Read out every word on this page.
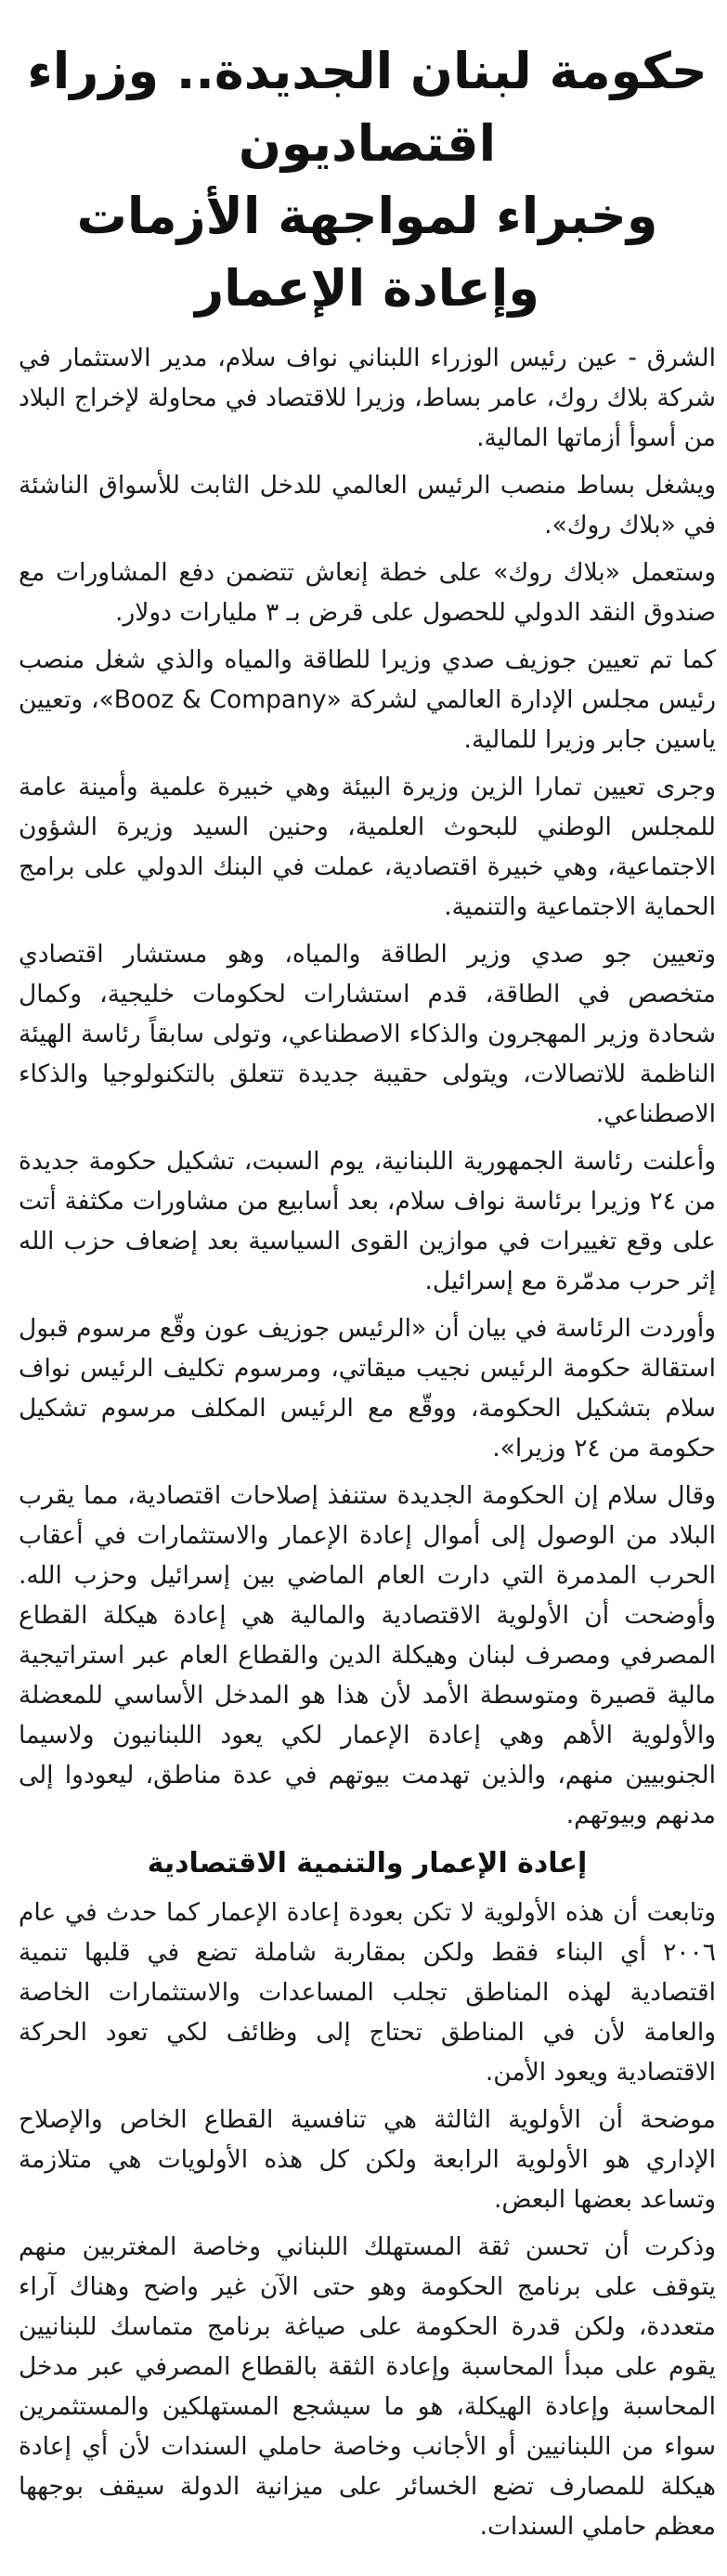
حكومة لبنان الجديدة.. وزراء اقتصاديون
وخبراء لمواجهة الأزمات وإعادة الإعمار

الشرق - عين رئيس الوزراء اللبناني نواف سلام، مدير الاستثمار في شركة بلاك روك، عامر بساط، وزيرا للاقتصاد في محاولة لإخراج البلاد من أسوأ أزماتها المالية.

ويشغل بساط منصب الرئيس العالمي للدخل الثابت للأسواق الناشئة في «بلاك روك».

وستعمل «بلاك روك» على خطة إنعاش تتضمن دفع المشاورات مع صندوق النقد الدولي للحصول على قرض بـ ٣ مليارات دولار.

كما تم تعيين جوزيف صدي وزيرا للطاقة والمياه والذي شغل منصب رئيس مجلس الإدارة العالمي لشركة «Booz & Company»، وتعيين ياسين جابر وزيرا للمالية.

وجرى تعيين تمارا الزين وزيرة البيئة وهي خبيرة علمية وأمينة عامة للمجلس الوطني للبحوث العلمية، وحنين السيد وزيرة الشؤون الاجتماعية، وهي خبيرة اقتصادية، عملت في البنك الدولي على برامج الحماية الاجتماعية والتنمية.

وتعيين جو صدي وزير الطاقة والمياه، وهو مستشار اقتصادي متخصص في الطاقة، قدم استشارات لحكومات خليجية، وكمال شحادة وزير المهجرون والذكاء الاصطناعي، وتولى سابقاً رئاسة الهيئة الناظمة للاتصالات، ويتولى حقيبة جديدة تتعلق بالتكنولوجيا والذكاء الاصطناعي.

وأعلنت رئاسة الجمهورية اللبنانية، يوم السبت، تشكيل حكومة جديدة من ٢٤ وزيرا برئاسة نواف سلام، بعد أسابيع من مشاورات مكثفة أتت على وقع تغييرات في موازين القوى السياسية بعد إضعاف حزب الله إثر حرب مدمّرة مع إسرائيل.

وأوردت الرئاسة في بيان أن «الرئيس جوزيف عون وقّع مرسوم قبول استقالة حكومة الرئيس نجيب ميقاتي، ومرسوم تكليف الرئيس نواف سلام بتشكيل الحكومة، ووقّع مع الرئيس المكلف مرسوم تشكيل حكومة من ٢٤ وزيرا».

وقال سلام إن الحكومة الجديدة ستنفذ إصلاحات اقتصادية، مما يقرب البلاد من الوصول إلى أموال إعادة الإعمار والاستثمارات في أعقاب الحرب المدمرة التي دارت العام الماضي بين إسرائيل وحزب الله. وأوضحت أن الأولوية الاقتصادية والمالية هي إعادة هيكلة القطاع المصرفي ومصرف لبنان وهيكلة الدين والقطاع العام عبر استراتيجية مالية قصيرة ومتوسطة الأمد لأن هذا هو المدخل الأساسي للمعضلة والأولوية الأهم وهي إعادة الإعمار لكي يعود اللبنانيون ولاسيما الجنوبيين منهم، والذين تهدمت بيوتهم في عدة مناطق، ليعودوا إلى مدنهم وبيوتهم.

إعادة الإعمار والتنمية الاقتصادية

وتابعت أن هذه الأولوية لا تكن بعودة إعادة الإعمار كما حدث في عام ٢٠٠٦ أي البناء فقط ولكن بمقاربة شاملة تضع في قلبها تنمية اقتصادية لهذه المناطق تجلب المساعدات والاستثمارات الخاصة والعامة لأن في المناطق تحتاج إلى وظائف لكي تعود الحركة الاقتصادية ويعود الأمن.

موضحة أن الأولوية الثالثة هي تنافسية القطاع الخاص والإصلاح الإداري هو الأولوية الرابعة ولكن كل هذه الأولويات هي متلازمة وتساعد بعضها البعض.

وذكرت أن تحسن ثقة المستهلك اللبناني وخاصة المغتربين منهم يتوقف على برنامج الحكومة وهو حتى الآن غير واضح وهناك آراء متعددة، ولكن قدرة الحكومة على صياغة برنامج متماسك للبنانيين يقوم على مبدأ المحاسبة وإعادة الثقة بالقطاع المصرفي عبر مدخل المحاسبة وإعادة الهيكلة، هو ما سيشجع المستهلكين والمستثمرين سواء من اللبنانيين أو الأجانب وخاصة حاملي السندات لأن أي إعادة هيكلة للمصارف تضع الخسائر على ميزانية الدولة سيقف بوجهها معظم حاملي السندات.
